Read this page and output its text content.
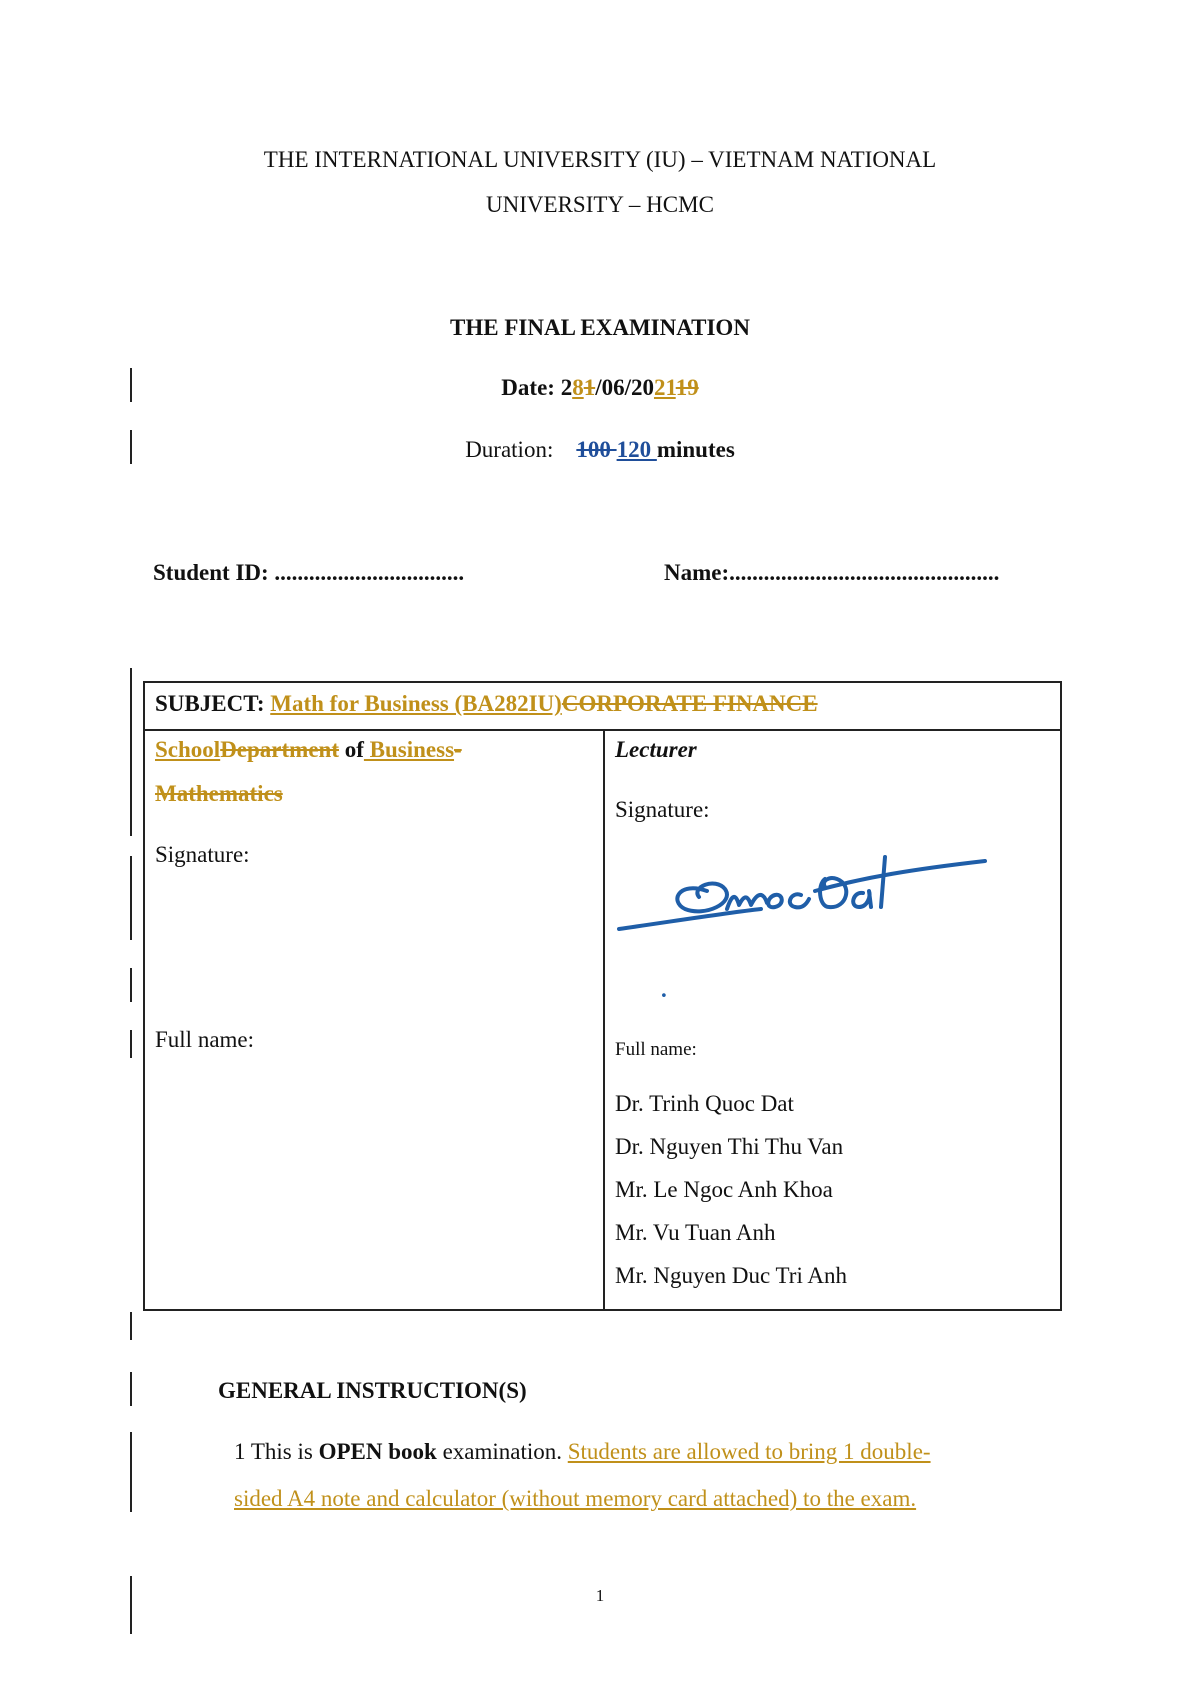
THE INTERNATIONAL UNIVERSITY (IU) – VIETNAM NATIONAL
UNIVERSITY – HCMC
THE FINAL EXAMINATION
Date: 281/06/202119
Duration: 100 120 minutes
Student ID: .................................	Name:...............................................
SUBJECT: Math for Business (BA282IU)CORPORATE FINANCE
SchoolDepartment of Business-
Mathematics
Signature:
Full name:
Lecturer
Signature:
.
Full name:
Dr. Trinh Quoc Dat
Dr. Nguyen Thi Thu Van
Mr. Le Ngoc Anh Khoa
Mr. Vu Tuan Anh
Mr. Nguyen Duc Tri Anh
GENERAL INSTRUCTION(S)
1 This is OPEN book examination. Students are allowed to bring 1 double-
sided A4 note and calculator (without memory card attached) to the exam.
1
